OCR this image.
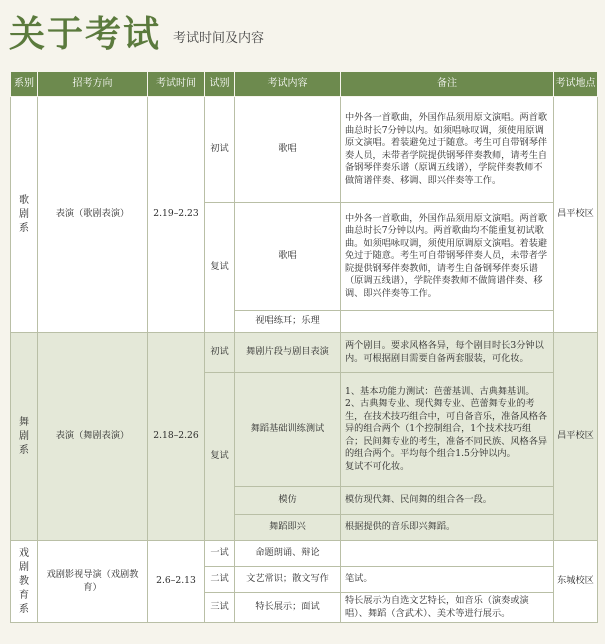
关于考试 考试时间及内容
系别	招考方向	考试时间	试别	考试内容	备注	考试地点
歌剧系	表演（歌剧表演）	2.19–2.23	初试	歌唱	中外各一首歌曲，外国作品须用原文演唱。两首歌曲总时长7分钟以内。如须唱咏叹调，须使用原调原文演唱。着装避免过于随意。考生可自带钢琴伴奏人员，未带者学院提供钢琴伴奏教师，请考生自备钢琴伴奏乐谱（原调五线谱），学院伴奏教师不做简谱伴奏、移调、即兴伴奏等工作。	昌平校区
			复试	歌唱	中外各一首歌曲，外国作品须用原文演唱。两首歌曲总时长7分钟以内。两首歌曲均不能重复初试歌曲。如须唱咏叹调，须使用原调原文演唱。着装避免过于随意。考生可自带钢琴伴奏人员，未带者学院提供钢琴伴奏教师，请考生自备钢琴伴奏乐谱（原调五线谱），学院伴奏教师不做简谱伴奏、移调、即兴伴奏等工作。	
				视唱练耳；乐理		
舞剧系	表演（舞剧表演）	2.18–2.26	初试	舞剧片段与剧目表演	两个剧目。要求风格各异，每个剧目时长3分钟以内。可根据剧目需要自备两套服装，可化妆。	昌平校区
			复试	舞蹈基础训练测试	1、基本功能力测试：芭蕾基训、古典舞基训。
2、古典舞专业、现代舞专业、芭蕾舞专业的考生，在技术技巧组合中，可自备音乐，准备风格各异的组合两个（1个控制组合，1个技术技巧组合；民间舞专业的考生，准备不同民族、风格各异的组合两个。平均每个组合1.5分钟以内。
复试不可化妆。	
				模仿	模仿现代舞、民间舞的组合各一段。	
				舞蹈即兴	根据提供的音乐即兴舞蹈。	
戏剧教育系	戏剧影视导演（戏剧教育）	2.6–2.13	一试	命题朗诵、辩论		东城校区
			二试	文艺常识；散文写作	笔试。	
			三试	特长展示；面试	特长展示为自选文艺特长，如音乐（演奏或演唱）、舞蹈（含武术）、美术等进行展示。	
